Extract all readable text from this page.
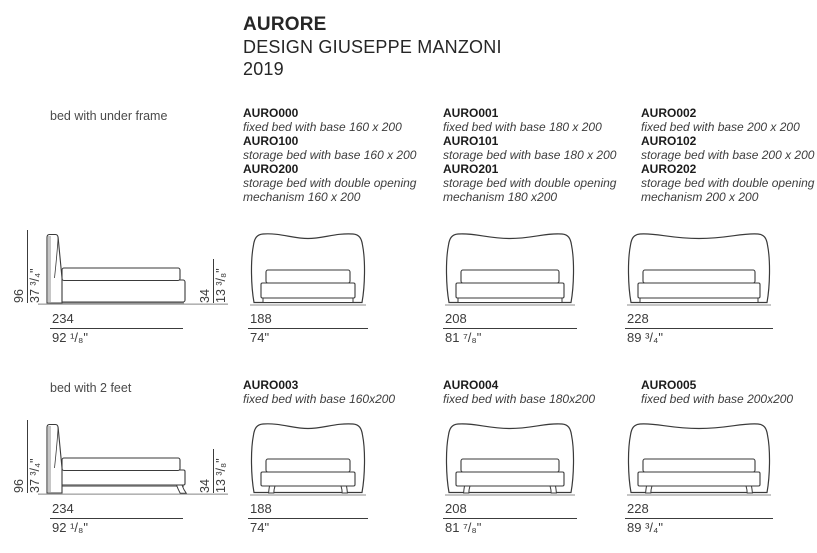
AURORE
DESIGN GIUSEPPE MANZONI
2019
bed with under frame	AURO000
fixed bed with base 160 x 200
AURO100
storage bed with base 160 x 200
AURO200
storage bed with double opening mechanism 160 x 200
AURO001
fixed bed with base 180 x 200
AURO101
storage bed with base 180 x 200
AURO201
storage bed with double opening mechanism 180 x200
AURO002
fixed bed with base 200 x 200
AURO102
storage bed with base 200 x 200
AURO202
storage bed with double opening mechanism 200 x 200
96 37 ³/₄"
234
92 ¹/₈"
34 13 ³/₈"
188
74"
208
81 ⁷/₈"
228
89 ³/₄"
bed with 2 feet	AURO003
fixed bed with base 160x200
AURO004
fixed bed with base 180x200
AURO005
fixed bed with base 200x200
96 37 ³/₄"
234
92 ¹/₈"
34 13 ³/₈"
188
74"
208
81 ⁷/₈"
228
89 ³/₄"
